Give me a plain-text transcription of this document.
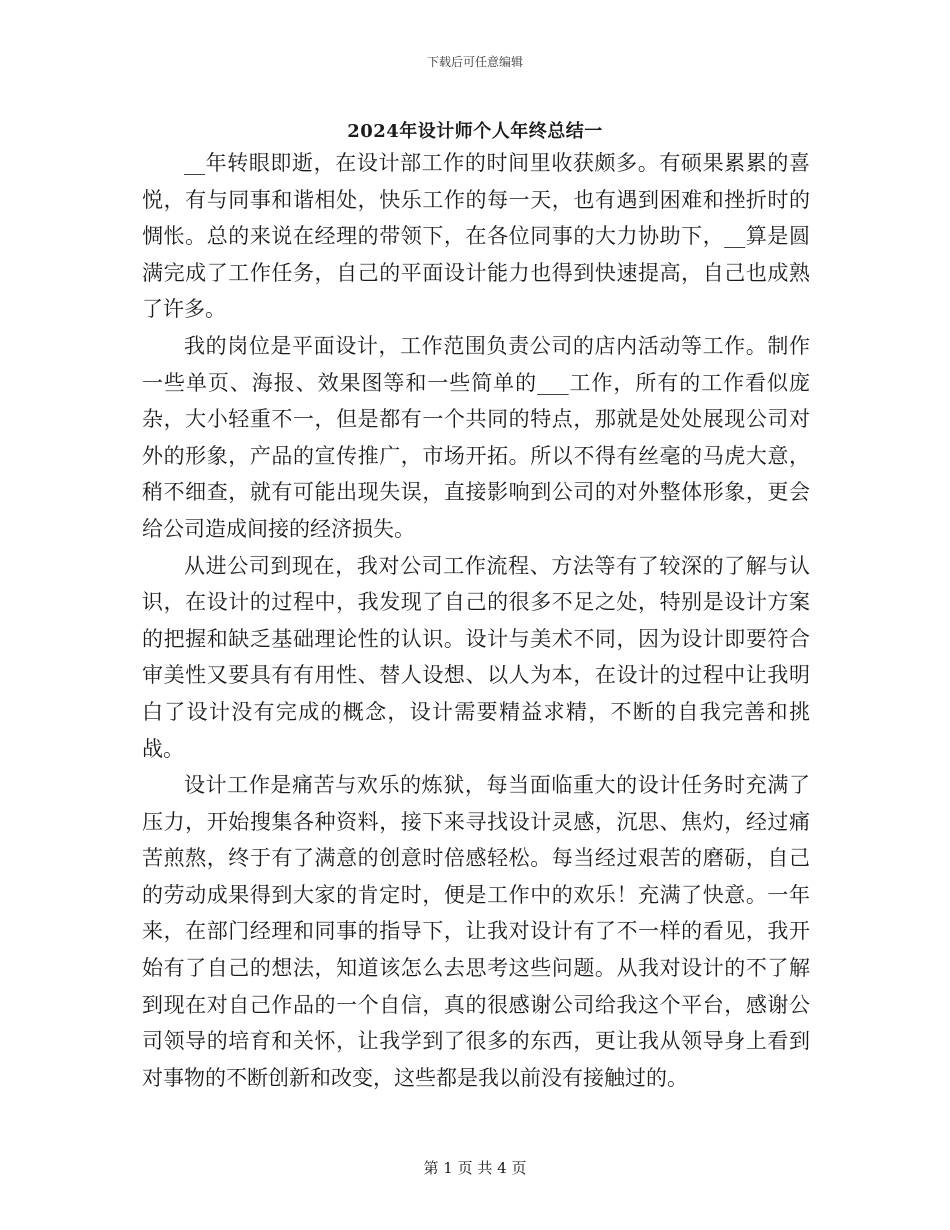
下载后可任意编辑
2024年设计师个人年终总结一

__年转眼即逝，在设计部工作的时间里收获颇多。有硕果累累的喜悦，有与同事和谐相处，快乐工作的每一天，也有遇到困难和挫折时的惆怅。总的来说在经理的带领下，在各位同事的大力协助下，__算是圆满完成了工作任务，自己的平面设计能力也得到快速提高，自己也成熟了许多。

我的岗位是平面设计，工作范围负责公司的店内活动等工作。制作一些单页、海报、效果图等和一些简单的___工作，所有的工作看似庞杂，大小轻重不一，但是都有一个共同的特点，那就是处处展现公司对外的形象，产品的宣传推广，市场开拓。所以不得有丝毫的马虎大意，稍不细查，就有可能出现失误，直接影响到公司的对外整体形象，更会给公司造成间接的经济损失。

从进公司到现在，我对公司工作流程、方法等有了较深的了解与认识，在设计的过程中，我发现了自己的很多不足之处，特别是设计方案的把握和缺乏基础理论性的认识。设计与美术不同，因为设计即要符合审美性又要具有有用性、替人设想、以人为本，在设计的过程中让我明白了设计没有完成的概念，设计需要精益求精，不断的自我完善和挑战。

设计工作是痛苦与欢乐的炼狱，每当面临重大的设计任务时充满了压力，开始搜集各种资料，接下来寻找设计灵感，沉思、焦灼，经过痛苦煎熬，终于有了满意的创意时倍感轻松。每当经过艰苦的磨砺，自己的劳动成果得到大家的肯定时，便是工作中的欢乐！充满了快意。一年来，在部门经理和同事的指导下，让我对设计有了不一样的看见，我开始有了自己的想法，知道该怎么去思考这些问题。从我对设计的不了解到现在对自己作品的一个自信，真的很感谢公司给我这个平台，感谢公司领导的培育和关怀，让我学到了很多的东西，更让我从领导身上看到对事物的不断创新和改变，这些都是我以前没有接触过的。

第 1 页 共 4 页
